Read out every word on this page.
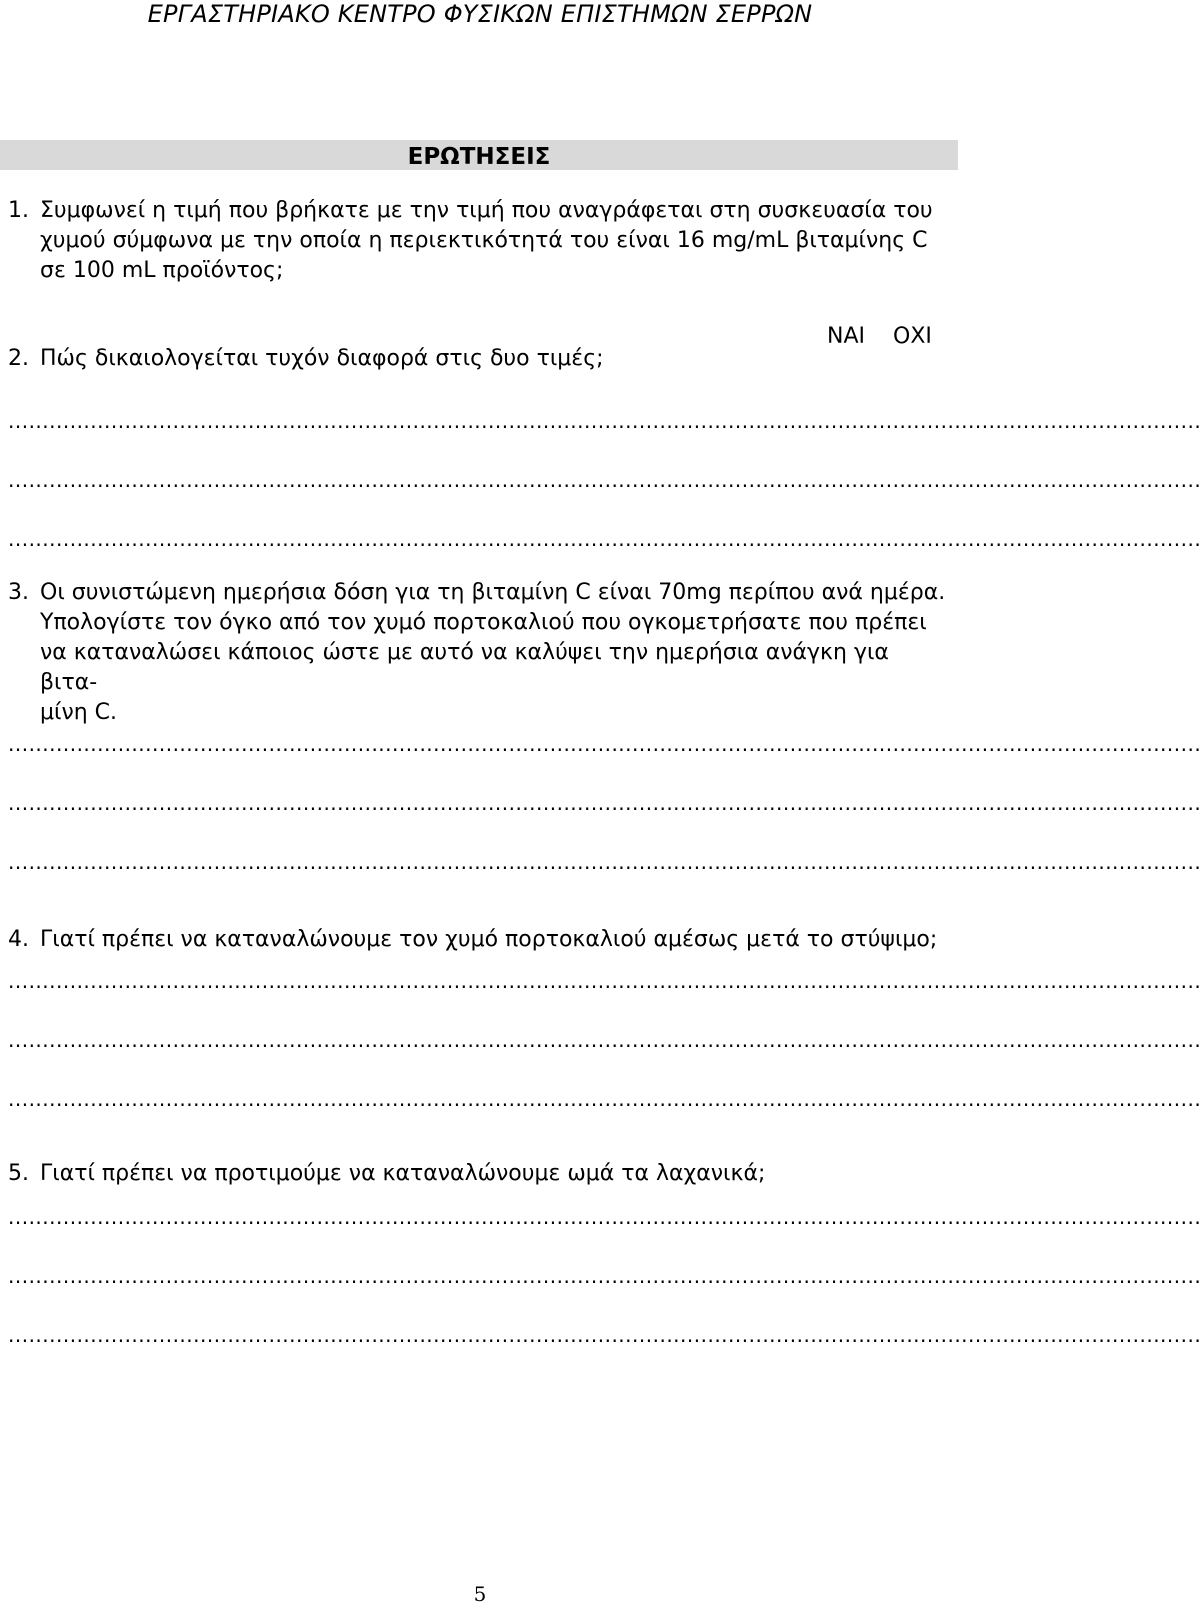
ΕΡΓΑΣΤΗΡΙΑΚΟ ΚΕΝΤΡΟ ΦΥΣΙΚΩΝ ΕΠΙΣΤΗΜΩΝ ΣΕΡΡΩΝ
ΕΡΩΤΗΣΕΙΣ
1. Συμφωνεί η τιμή που βρήκατε με την τιμή που αναγράφεται στη συσκευασία του
χυμού σύμφωνα με την οποία η περιεκτικότητά του είναι 16 mg/mL βιταμίνης C
σε 100 mL προϊόντος;
ΝΑΙ ΟΧΙ
2. Πώς δικαιολογείται τυχόν διαφορά στις δυο τιμές;
..............................................................................................................................................................................
..............................................................................................................................................................................
..............................................................................................................................................................................
3. Οι συνιστώμενη ημερήσια δόση για τη βιταμίνη C είναι 70mg περίπου ανά ημέρα.
Υπολογίστε τον όγκο από τον χυμό πορτοκαλιού που ογκομετρήσατε που πρέπει
να καταναλώσει κάποιος ώστε με αυτό να καλύψει την ημερήσια ανάγκη για βιτα-
μίνη C.
..............................................................................................................................................................................
..............................................................................................................................................................................
..............................................................................................................................................................................
4. Γιατί πρέπει να καταναλώνουμε τον χυμό πορτοκαλιού αμέσως μετά το στύψιμο;
..............................................................................................................................................................................
..............................................................................................................................................................................
..............................................................................................................................................................................
5. Γιατί πρέπει να προτιμούμε να καταναλώνουμε ωμά τα λαχανικά;
..............................................................................................................................................................................
..............................................................................................................................................................................
..............................................................................................................................................................................
5
